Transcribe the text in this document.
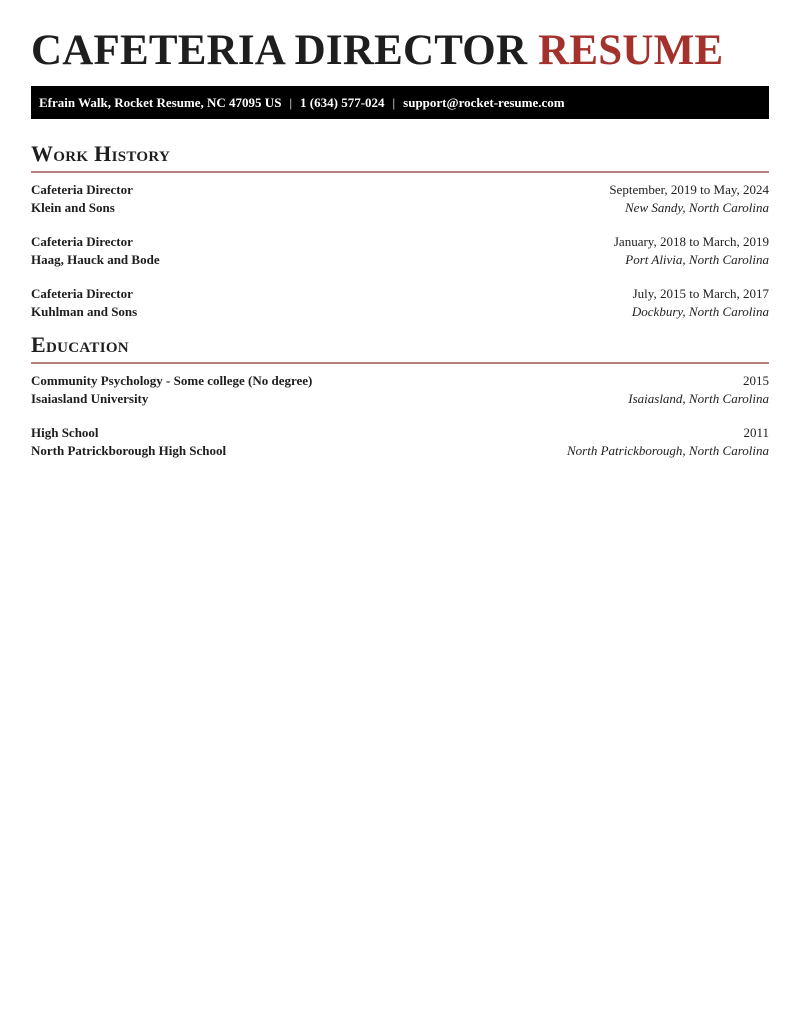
CAFETERIA DIRECTOR RESUME
Efrain Walk, Rocket Resume, NC 47095 US | 1 (634) 577-024 | support@rocket-resume.com
Work History
Cafeteria Director	September, 2019 to May, 2024
Klein and Sons	New Sandy, North Carolina
Cafeteria Director	January, 2018 to March, 2019
Haag, Hauck and Bode	Port Alivia, North Carolina
Cafeteria Director	July, 2015 to March, 2017
Kuhlman and Sons	Dockbury, North Carolina
Education
Community Psychology - Some college (No degree)	2015
Isaiasland University	Isaiasland, North Carolina
High School	2011
North Patrickborough High School	North Patrickborough, North Carolina
